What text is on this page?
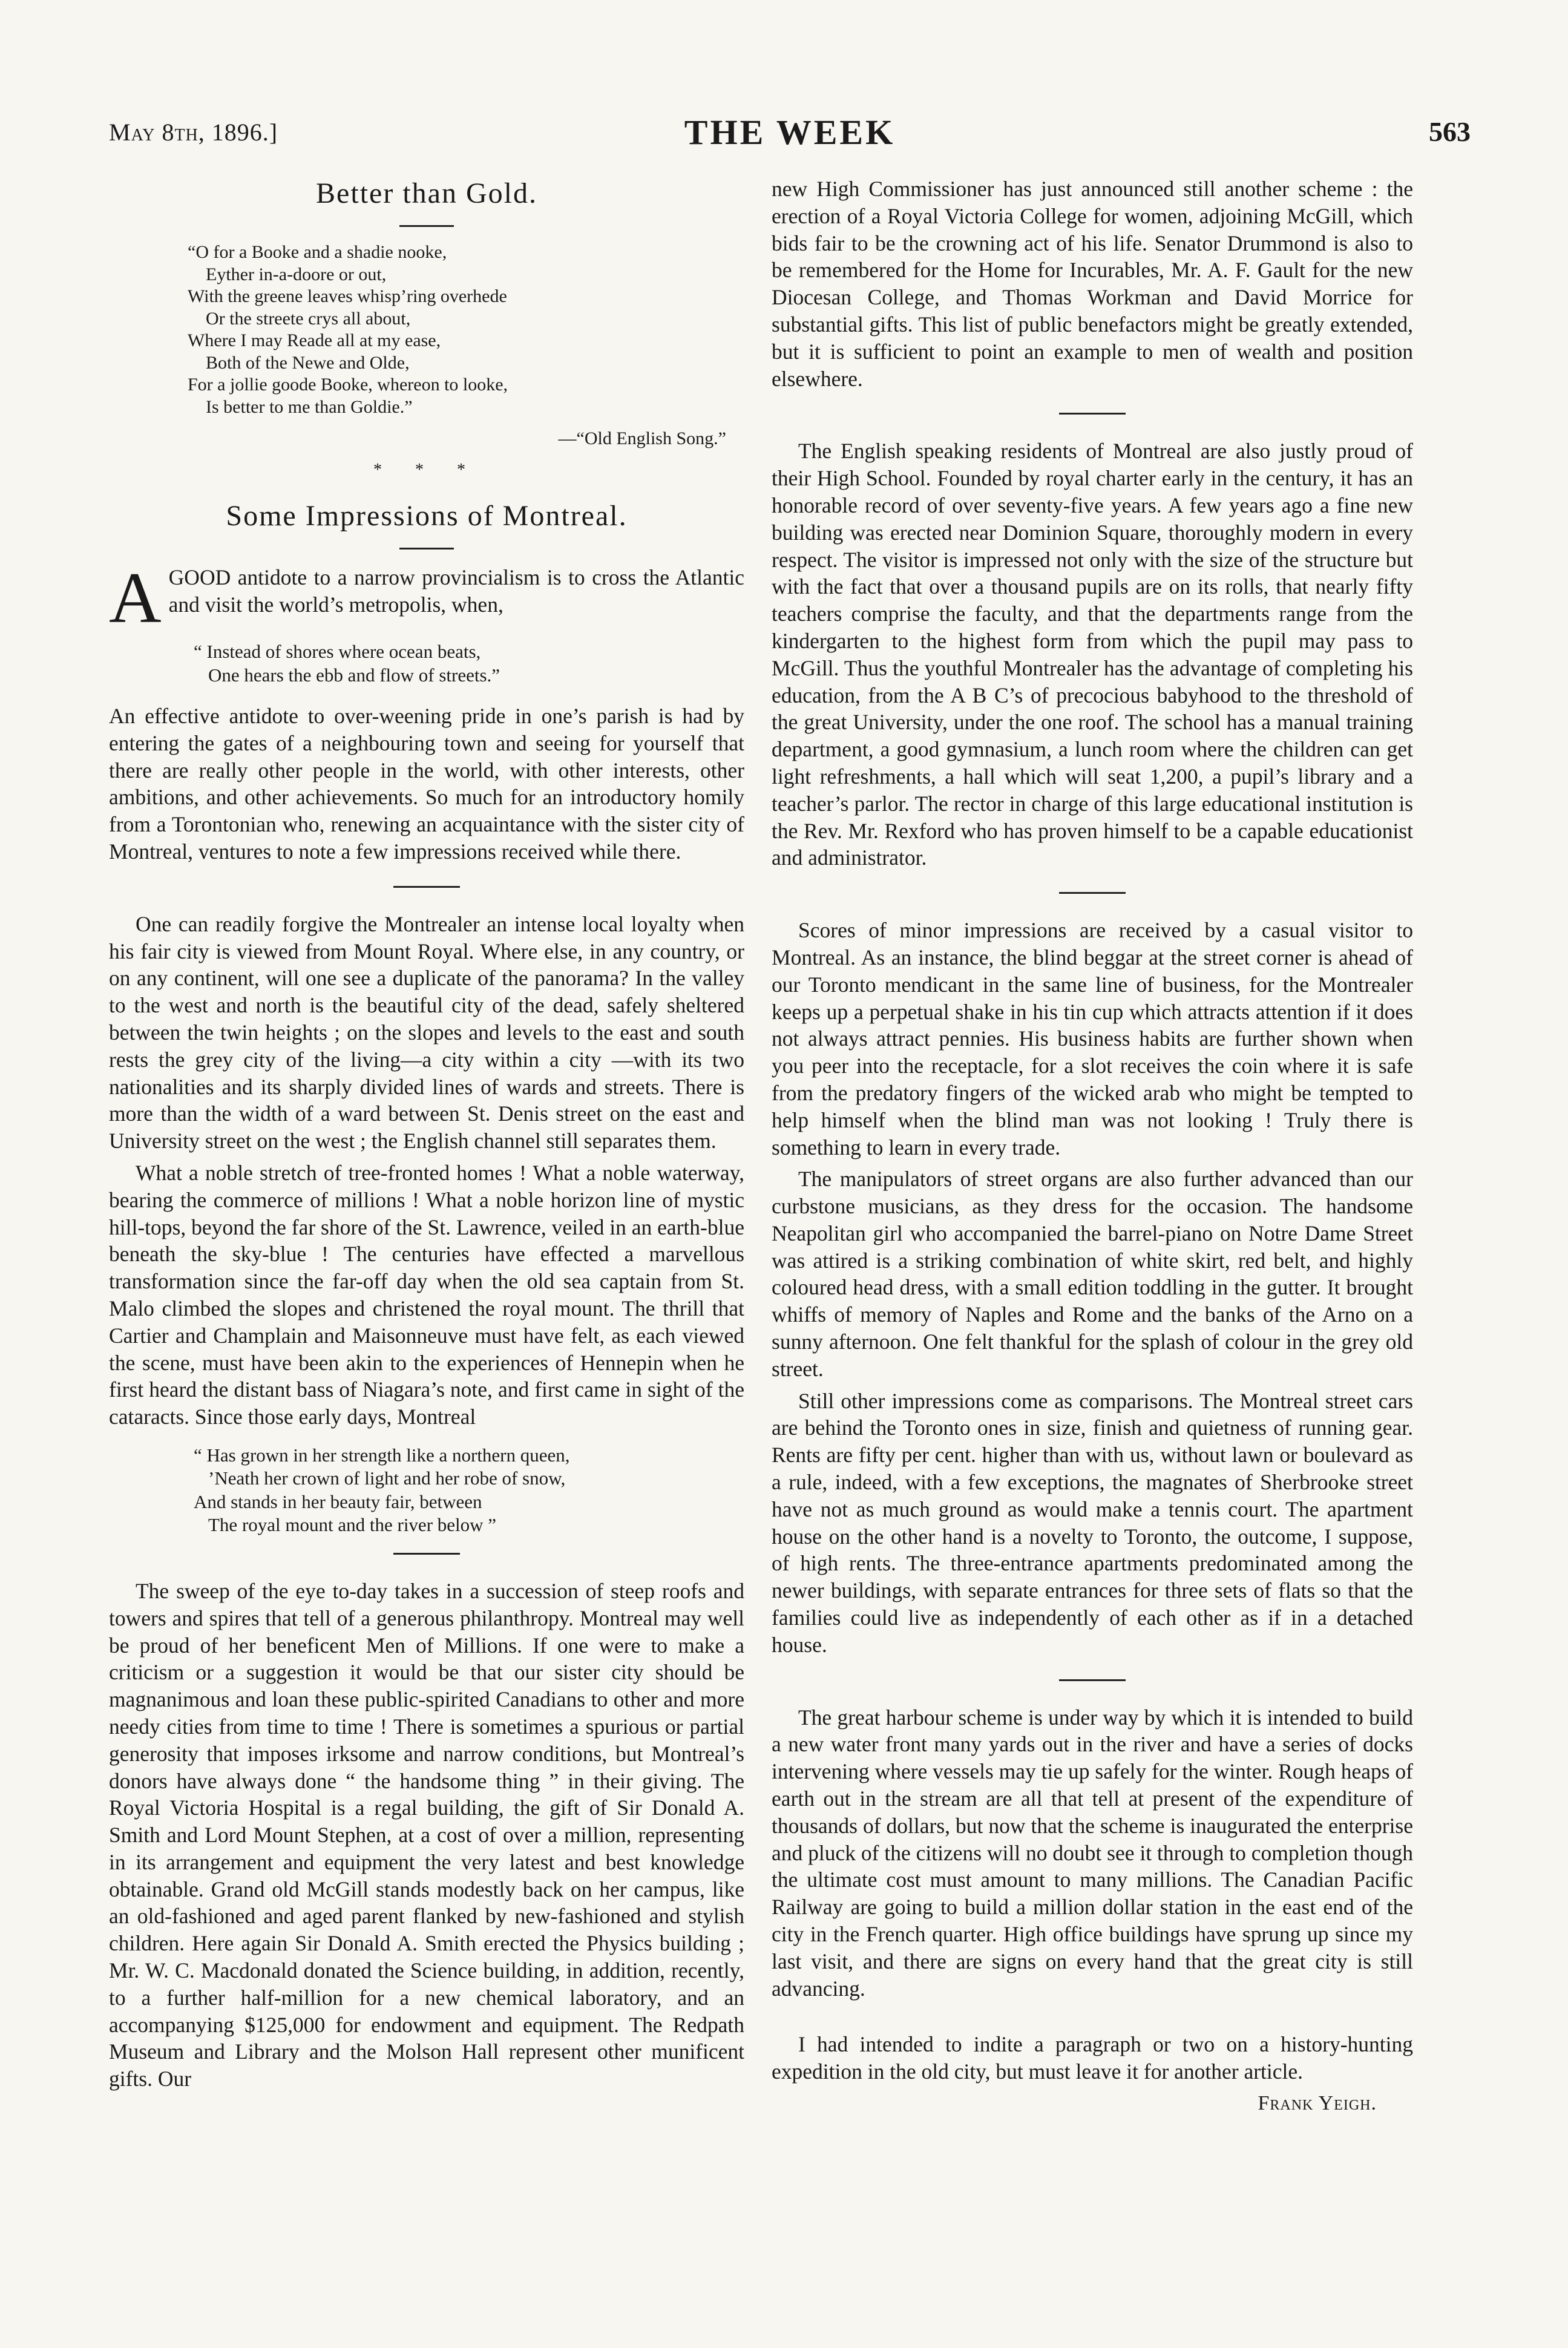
May 8th, 1896.]	THE WEEK	563
Better than Gold.
“O for a Booke and a shadie nooke,
Eyther in-a-doore or out,
With the greene leaves whisp’ring overhede
Or the streete crys all about,
Where I may Reade all at my ease,
Both of the Newe and Olde,
For a jollie goode Booke, whereon to looke,
Is better to me than Goldie.”
—“Old English Song.”
* * *
Some Impressions of Montreal.
A GOOD antidote to a narrow provincialism is to cross the Atlantic and visit the world’s metropolis, when,
“ Instead of shores where ocean beats,
One hears the ebb and flow of streets.”

An effective antidote to over-weening pride in one’s parish is had by entering the gates of a neighbouring town and seeing for yourself that there are really other people in the world, with other interests, other ambitions, and other achievements. So much for an introductory homily from a Torontonian who, renewing an acquaintance with the sister city of Montreal, ventures to note a few impressions received while there.

One can readily forgive the Montrealer an intense local loyalty when his fair city is viewed from Mount Royal. Where else, in any country, or on any continent, will one see a duplicate of the panorama? In the valley to the west and north is the beautiful city of the dead, safely sheltered between the twin heights ; on the slopes and levels to the east and south rests the grey city of the living—a city within a city —with its two nationalities and its sharply divided lines of wards and streets. There is more than the width of a ward between St. Denis street on the east and University street on the west ; the English channel still separates them.

What a noble stretch of tree-fronted homes ! What a noble waterway, bearing the commerce of millions ! What a noble horizon line of mystic hill-tops, beyond the far shore of the St. Lawrence, veiled in an earth-blue beneath the sky-blue ! The centuries have effected a marvellous transformation since the far-off day when the old sea captain from St. Malo climbed the slopes and christened the royal mount. The thrill that Cartier and Champlain and Maisonneuve must have felt, as each viewed the scene, must have been akin to the experiences of Hennepin when he first heard the distant bass of Niagara’s note, and first came in sight of the cataracts. Since those early days, Montreal

“ Has grown in her strength like a northern queen,
’Neath her crown of light and her robe of snow,
And stands in her beauty fair, between
The royal mount and the river below ”

The sweep of the eye to-day takes in a succession of steep roofs and towers and spires that tell of a generous philanthropy. Montreal may well be proud of her beneficent Men of Millions. If one were to make a criticism or a suggestion it would be that our sister city should be magnanimous and loan these public-spirited Canadians to other and more needy cities from time to time ! There is sometimes a spurious or partial generosity that imposes irksome and narrow conditions, but Montreal’s donors have always done “ the handsome thing ” in their giving. The Royal Victoria Hospital is a regal building, the gift of Sir Donald A. Smith and Lord Mount Stephen, at a cost of over a million, representing in its arrangement and equipment the very latest and best knowledge obtainable. Grand old McGill stands modestly back on her campus, like an old-fashioned and aged parent flanked by new-fashioned and stylish children. Here again Sir Donald A. Smith erected the Physics building ; Mr. W. C. Macdonald donated the Science building, in addition, recently, to a further half-million for a new chemical laboratory, and an accompanying $125,000 for endowment and equipment. The Redpath Museum and Library and the Molson Hall represent other munificent gifts. Our

new High Commissioner has just announced still another scheme : the erection of a Royal Victoria College for women, adjoining McGill, which bids fair to be the crowning act of his life. Senator Drummond is also to be remembered for the Home for Incurables, Mr. A. F. Gault for the new Diocesan College, and Thomas Workman and David Morrice for substantial gifts. This list of public benefactors might be greatly extended, but it is sufficient to point an example to men of wealth and position elsewhere.

The English speaking residents of Montreal are also justly proud of their High School. Founded by royal charter early in the century, it has an honorable record of over seventy-five years. A few years ago a fine new building was erected near Dominion Square, thoroughly modern in every respect. The visitor is impressed not only with the size of the structure but with the fact that over a thousand pupils are on its rolls, that nearly fifty teachers comprise the faculty, and that the departments range from the kindergarten to the highest form from which the pupil may pass to McGill. Thus the youthful Montrealer has the advantage of completing his education, from the A B C’s of precocious babyhood to the threshold of the great University, under the one roof. The school has a manual training department, a good gymnasium, a lunch room where the children can get light refreshments, a hall which will seat 1,200, a pupil’s library and a teacher’s parlor. The rector in charge of this large educational institution is the Rev. Mr. Rexford who has proven himself to be a capable educationist and administrator.

Scores of minor impressions are received by a casual visitor to Montreal. As an instance, the blind beggar at the street corner is ahead of our Toronto mendicant in the same line of business, for the Montrealer keeps up a perpetual shake in his tin cup which attracts attention if it does not always attract pennies. His business habits are further shown when you peer into the receptacle, for a slot receives the coin where it is safe from the predatory fingers of the wicked arab who might be tempted to help himself when the blind man was not looking ! Truly there is something to learn in every trade.

The manipulators of street organs are also further advanced than our curbstone musicians, as they dress for the occasion. The handsome Neapolitan girl who accompanied the barrel-piano on Notre Dame Street was attired is a striking combination of white skirt, red belt, and highly coloured head dress, with a small edition toddling in the gutter. It brought whiffs of memory of Naples and Rome and the banks of the Arno on a sunny afternoon. One felt thankful for the splash of colour in the grey old street.

Still other impressions come as comparisons. The Montreal street cars are behind the Toronto ones in size, finish and quietness of running gear. Rents are fifty per cent. higher than with us, without lawn or boulevard as a rule, indeed, with a few exceptions, the magnates of Sherbrooke street have not as much ground as would make a tennis court. The apartment house on the other hand is a novelty to Toronto, the outcome, I suppose, of high rents. The three-entrance apartments predominated among the newer buildings, with separate entrances for three sets of flats so that the families could live as independently of each other as if in a detached house.

The great harbour scheme is under way by which it is intended to build a new water front many yards out in the river and have a series of docks intervening where vessels may tie up safely for the winter. Rough heaps of earth out in the stream are all that tell at present of the expenditure of thousands of dollars, but now that the scheme is inaugurated the enterprise and pluck of the citizens will no doubt see it through to completion though the ultimate cost must amount to many millions. The Canadian Pacific Railway are going to build a million dollar station in the east end of the city in the French quarter. High office buildings have sprung up since my last visit, and there are signs on every hand that the great city is still advancing.

I had intended to indite a paragraph or two on a history-hunting expedition in the old city, but must leave it for another article.

Frank Yeigh.
